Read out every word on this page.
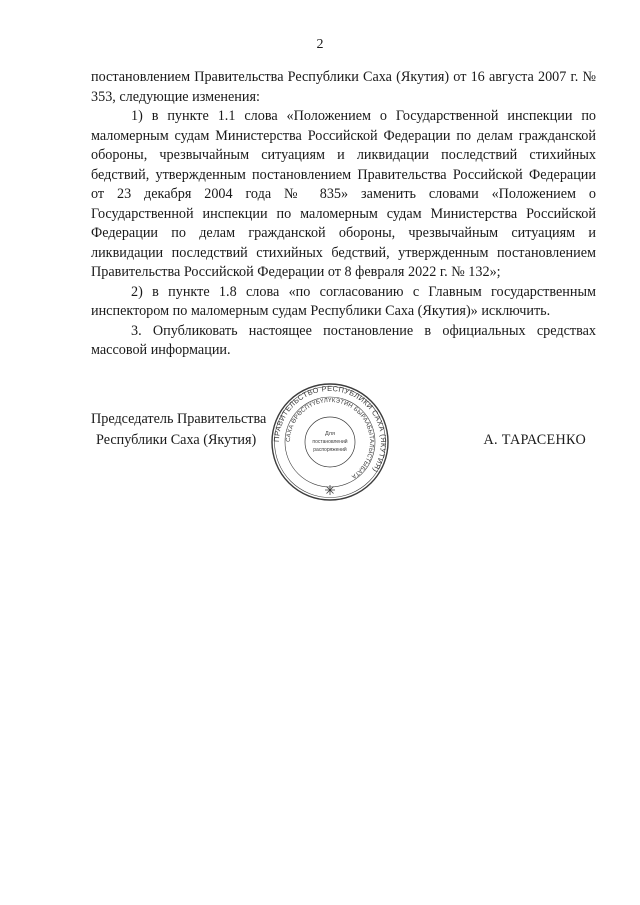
2

постановлением Правительства Республики Саха (Якутия) от 16 августа 2007 г. № 353, следующие изменения:

1) в пункте 1.1 слова «Положением о Государственной инспекции по маломерным судам Министерства Российской Федерации по делам гражданской обороны, чрезвычайным ситуациям и ликвидации последствий стихийных бедствий, утвержденным постановлением Правительства Российской Федерации от 23 декабря 2004 года № 835» заменить словами «Положением о Государственной инспекции по маломерным судам Министерства Российской Федерации по делам гражданской обороны, чрезвычайным ситуациям и ликвидации последствий стихийных бедствий, утвержденным постановлением Правительства Российской Федерации от 8 февраля 2022 г. № 132»;

2) в пункте 1.8 слова «по согласованию с Главным государственным инспектором по маломерным судам Республики Саха (Якутия)» исключить.

3. Опубликовать настоящее постановление в официальных средствах массовой информации.

Председатель Правительства
Республики Саха (Якутия)	А. ТАРАСЕНКО
ПРАВИТЕЛЬСТВО РЕСПУБЛИКИ САХА (ЯКУТИЯ)
САХА ӨРӨСПҮҮБҮЛҮКЭТИН БЫРААБЫТАЛЫСТЫБАТА
Для
постановлений
распоряжений
